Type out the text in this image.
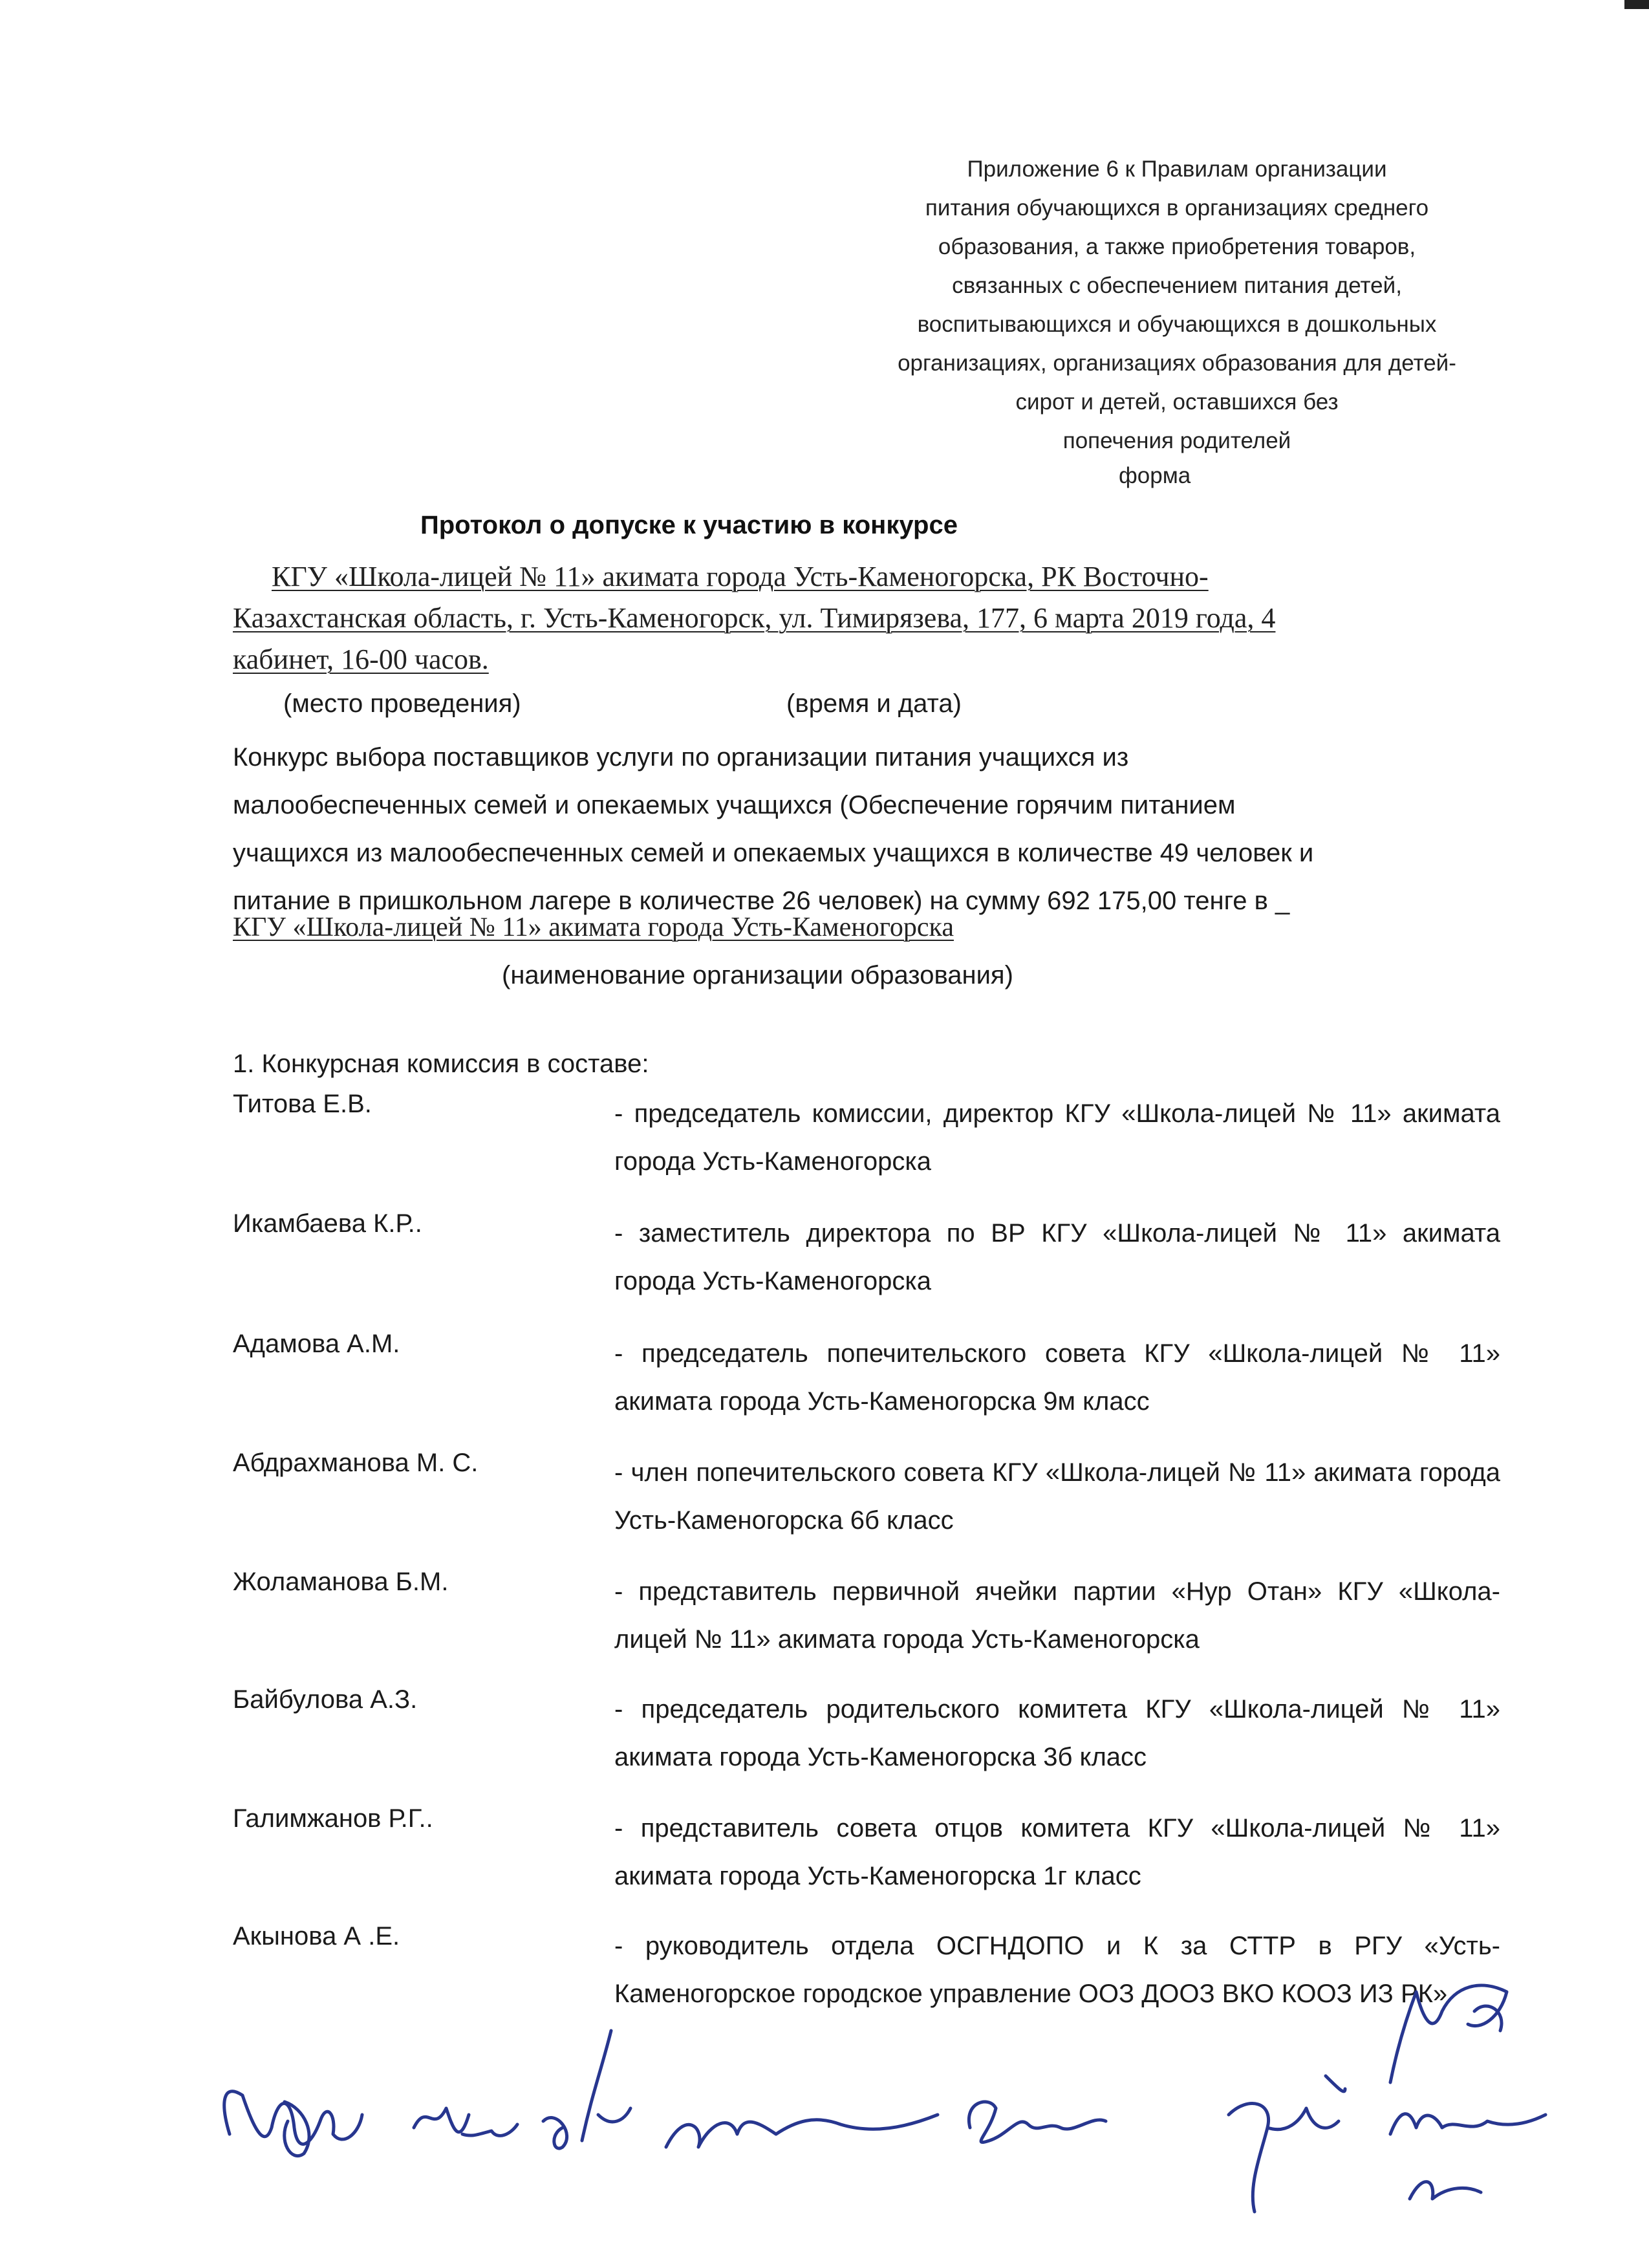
Приложение 6 к Правилам организации
питания обучающихся в организациях среднего
образования, а также приобретения товаров,
связанных с обеспечением питания детей,
воспитывающихся и обучающихся в дошкольных
организациях, организациях образования для детей-
сирот и детей, оставшихся без
попечения родителей
форма
Протокол о допуске к участию в конкурсе
КГУ «Школа-лицей № 11» акимата города Усть-Каменогорска, РК Восточно-
Казахстанская область, г. Усть-Каменогорск, ул. Тимирязева, 177, 6 марта 2019 года, 4
кабинет, 16-00 часов.
(место проведения)	(время и дата)
Конкурс выбора поставщиков услуги по организации питания учащихся из
малообеспеченных семей и опекаемых учащихся (Обеспечение горячим питанием
учащихся из малообеспеченных семей и опекаемых учащихся в количестве 49 человек и
питание в пришкольном лагере в количестве 26 человек) на сумму 692 175,00 тенге в _
КГУ «Школа-лицей № 11» акимата города Усть-Каменогорска
(наименование организации образования)
1. Конкурсная комиссия в составе:
Титова Е.В.	- председатель комиссии, директор КГУ «Школа-лицей № 11» акимата города Усть-Каменогорска
Икамбаева К.Р..	- заместитель директора по ВР КГУ «Школа-лицей № 11» акимата города Усть-Каменогорска
Адамова А.М.	- председатель попечительского совета КГУ «Школа-лицей № 11» акимата города Усть-Каменогорска 9м класс
Абдрахманова М. С.	- член попечительского совета КГУ «Школа-лицей № 11» акимата города Усть-Каменогорска 6б класс
Жоламанова Б.М.	- представитель первичной ячейки партии «Нур Отан» КГУ «Школа-лицей № 11» акимата города Усть-Каменогорска
Байбулова А.З.	- председатель родительского комитета КГУ «Школа-лицей № 11» акимата города Усть-Каменогорска 3б класс
Галимжанов Р.Г..	- представитель совета отцов комитета КГУ «Школа-лицей № 11» акимата города Усть-Каменогорска 1г класс
Акынова А .Е.	- руководитель отдела ОСГНДОПО и К за СТТР в РГУ «Усть-Каменогорское городское управление ООЗ ДООЗ ВКО КООЗ ИЗ РК»
